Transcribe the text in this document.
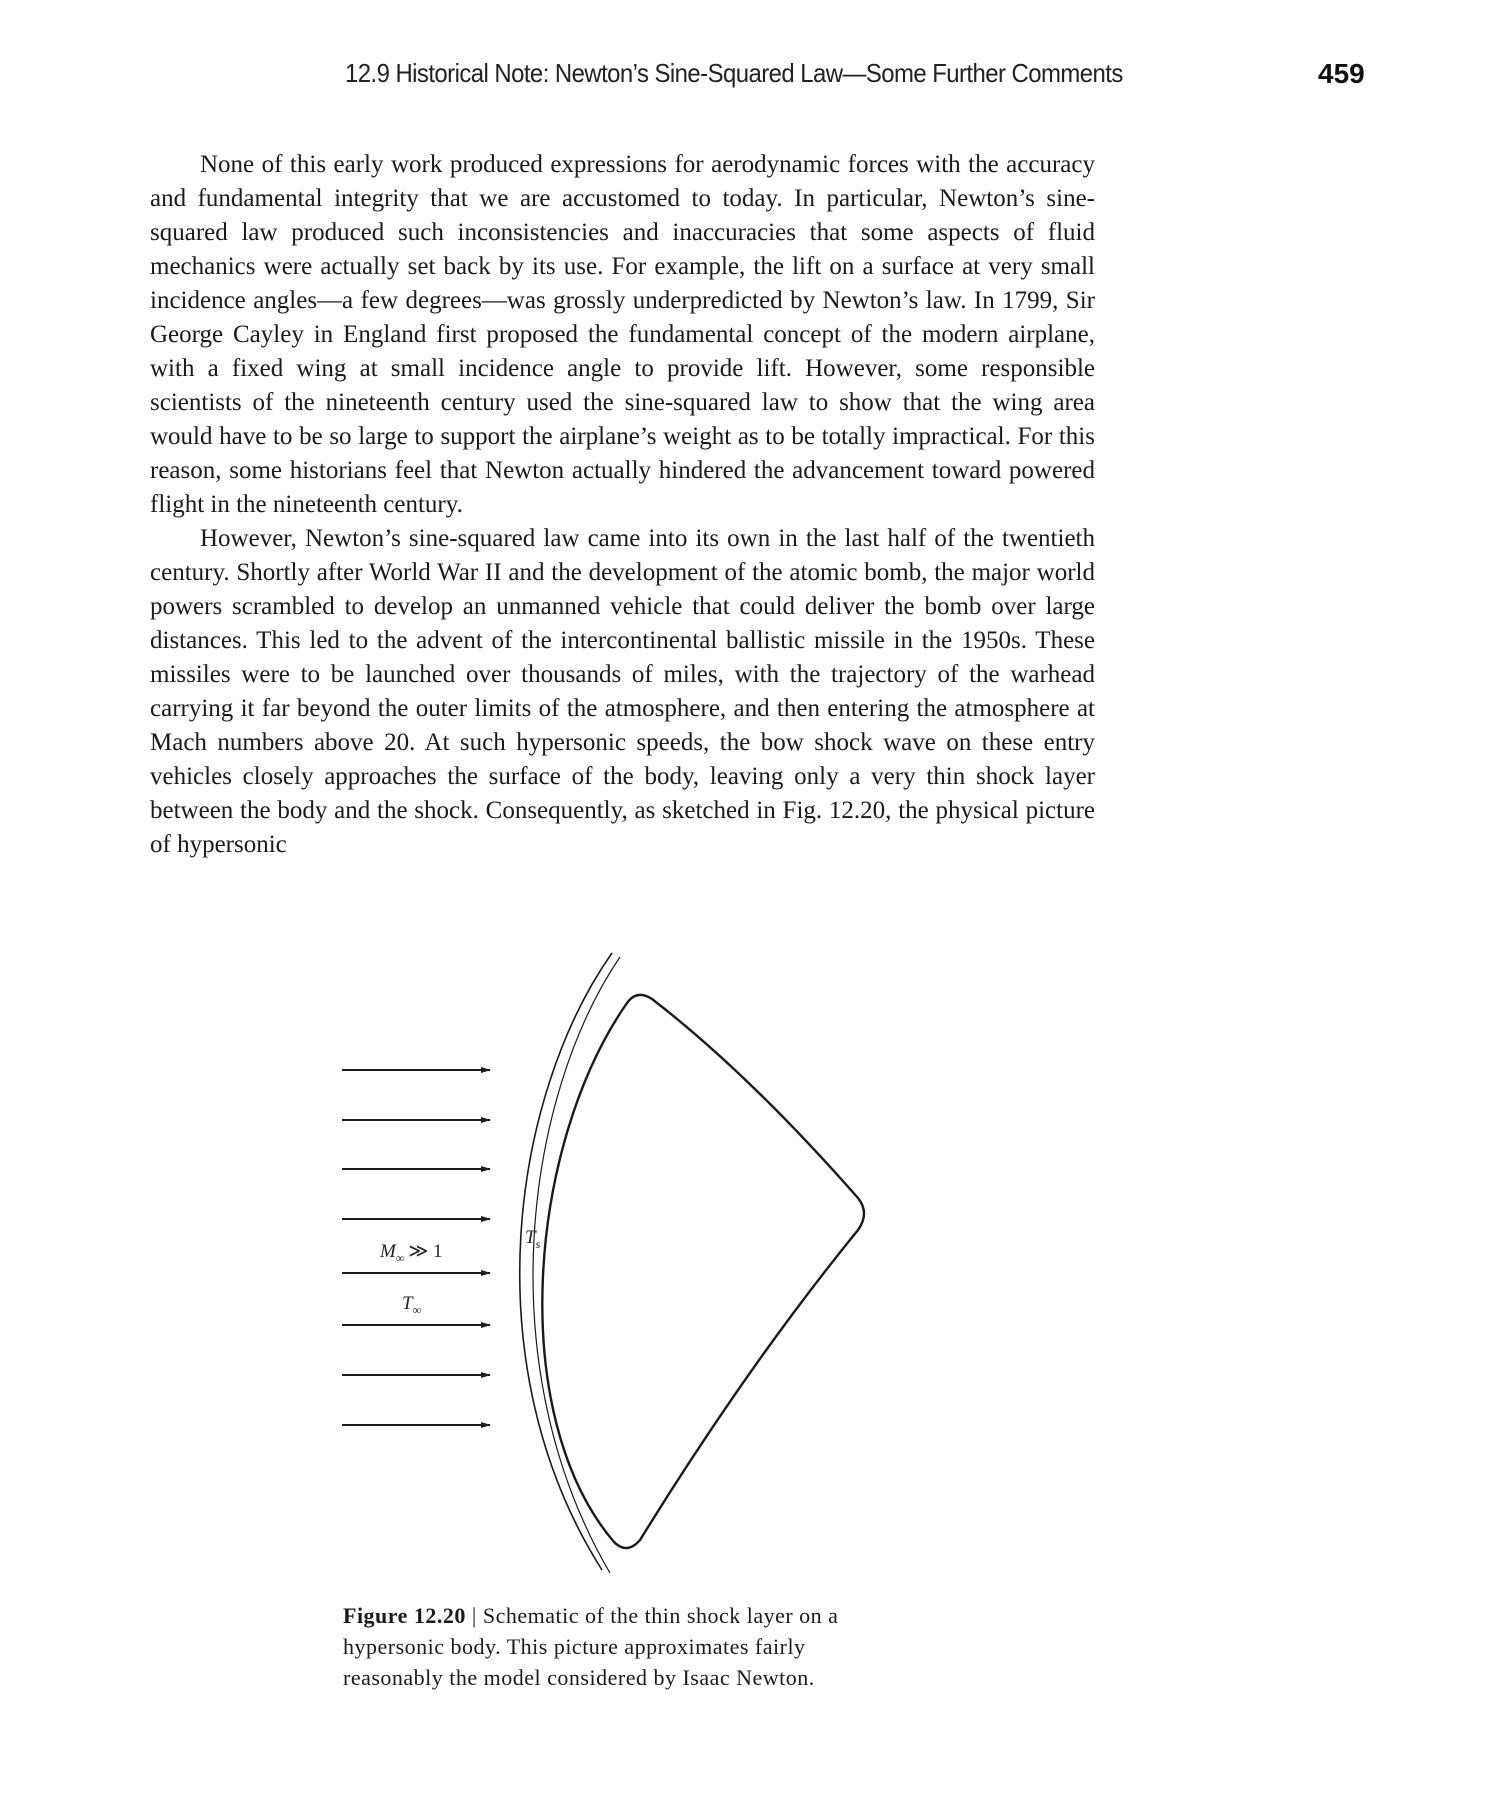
12.9 Historical Note: Newton’s Sine-Squared Law—Some Further Comments	459

None of this early work produced expressions for aerodynamic forces with the accuracy and fundamental integrity that we are accustomed to today. In particular, Newton’s sine-squared law produced such inconsistencies and inaccuracies that some aspects of fluid mechanics were actually set back by its use. For example, the lift on a surface at very small incidence angles—a few degrees—was grossly underpredicted by Newton’s law. In 1799, Sir George Cayley in England first proposed the fundamental concept of the modern airplane, with a fixed wing at small incidence angle to provide lift. However, some responsible scientists of the nineteenth century used the sine-squared law to show that the wing area would have to be so large to support the airplane’s weight as to be totally impractical. For this reason, some historians feel that Newton actually hindered the advancement toward powered flight in the nineteenth century.

However, Newton’s sine-squared law came into its own in the last half of the twentieth century. Shortly after World War II and the development of the atomic bomb, the major world powers scrambled to develop an unmanned vehicle that could deliver the bomb over large distances. This led to the advent of the intercontinental ballistic missile in the 1950s. These missiles were to be launched over thousands of miles, with the trajectory of the warhead carrying it far beyond the outer limits of the atmosphere, and then entering the atmosphere at Mach numbers above 20. At such hypersonic speeds, the bow shock wave on these entry vehicles closely approaches the surface of the body, leaving only a very thin shock layer between the body and the shock. Consequently, as sketched in Fig. 12.20, the physical picture of hypersonic

$M_\infty$ ≫ 1
$T_\infty$
$T_s$
Figure 12.20 | Schematic of the thin shock layer on a hypersonic body. This picture approximates fairly reasonably the model considered by Isaac Newton.
